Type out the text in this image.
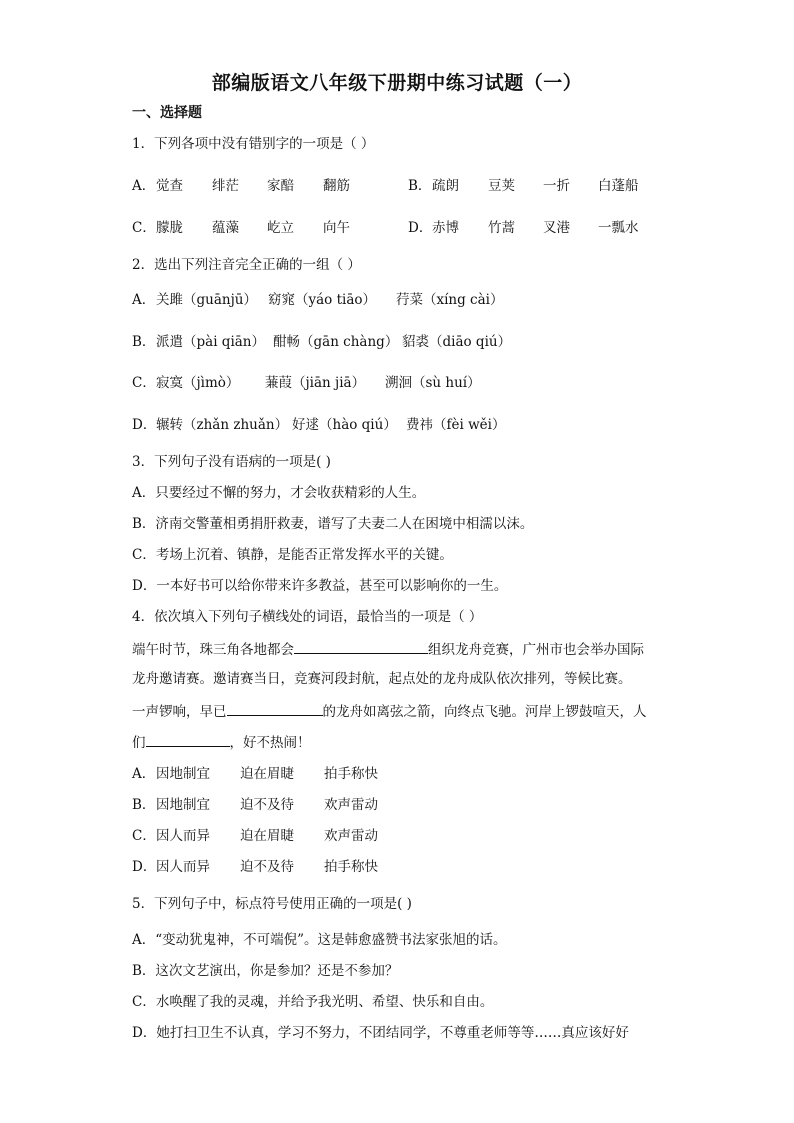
部编版语文八年级下册期中练习试题（一）
一、选择题
1．下列各项中没有错别字的一项是（ ）
A． 觉查 绯茫 家醅 翻筋	B． 疏朗 豆荚 一折 白蓬船
C． 朦胧 蕴藻 屹立 向午	D． 赤博 竹蒿 叉港 一瓢水
2．选出下列注音完全正确的一组（ ）
A． 关雎（guānjū） 窈窕（yáo tiāo） 荇菜（xíng cài）
B． 派遣（pài qiān） 酣畅（gān chàng） 貂裘（diāo qiú）
C． 寂寞（jìmò） 蒹葭（jiān jiā） 溯洄（sù huí）
D． 辗转（zhǎn zhuǎn） 好逑（hào qiú） 费祎（fèi wěi）
3．下列句子没有语病的一项是( )
A．只要经过不懈的努力，才会收获精彩的人生。
B．济南交警董相勇捐肝救妻，谱写了夫妻二人在困境中相濡以沫。
C．考场上沉着、镇静，是能否正常发挥水平的关键。
D．一本好书可以给你带来许多教益，甚至可以影响你的一生。
4．依次填入下列句子横线处的词语，最恰当的一项是（ ）
端午时节，珠三角各地都会	组织龙舟竞赛，广州市也会举办国际
龙舟邀请赛。邀请赛当日，竞赛河段封航，起点处的龙舟成队依次排列，等候比赛。
一声锣响，早已	的龙舟如离弦之箭，向终点飞驰。河岸上锣鼓喧天，人
们	，好不热闹！
A． 因地制宜 迫在眉睫 拍手称快
B． 因地制宜 迫不及待 欢声雷动
C． 因人而异 迫在眉睫 欢声雷动
D． 因人而异 迫不及待 拍手称快
5．下列句子中，标点符号使用正确的一项是( )
A．“变动犹鬼神，不可端倪”。这是韩愈盛赞书法家张旭的话。
B．这次文艺演出，你是参加？还是不参加？
C．水唤醒了我的灵魂，并给予我光明、希望、快乐和自由。
D．她打扫卫生不认真，学习不努力，不团结同学，不尊重老师等等……真应该好好
